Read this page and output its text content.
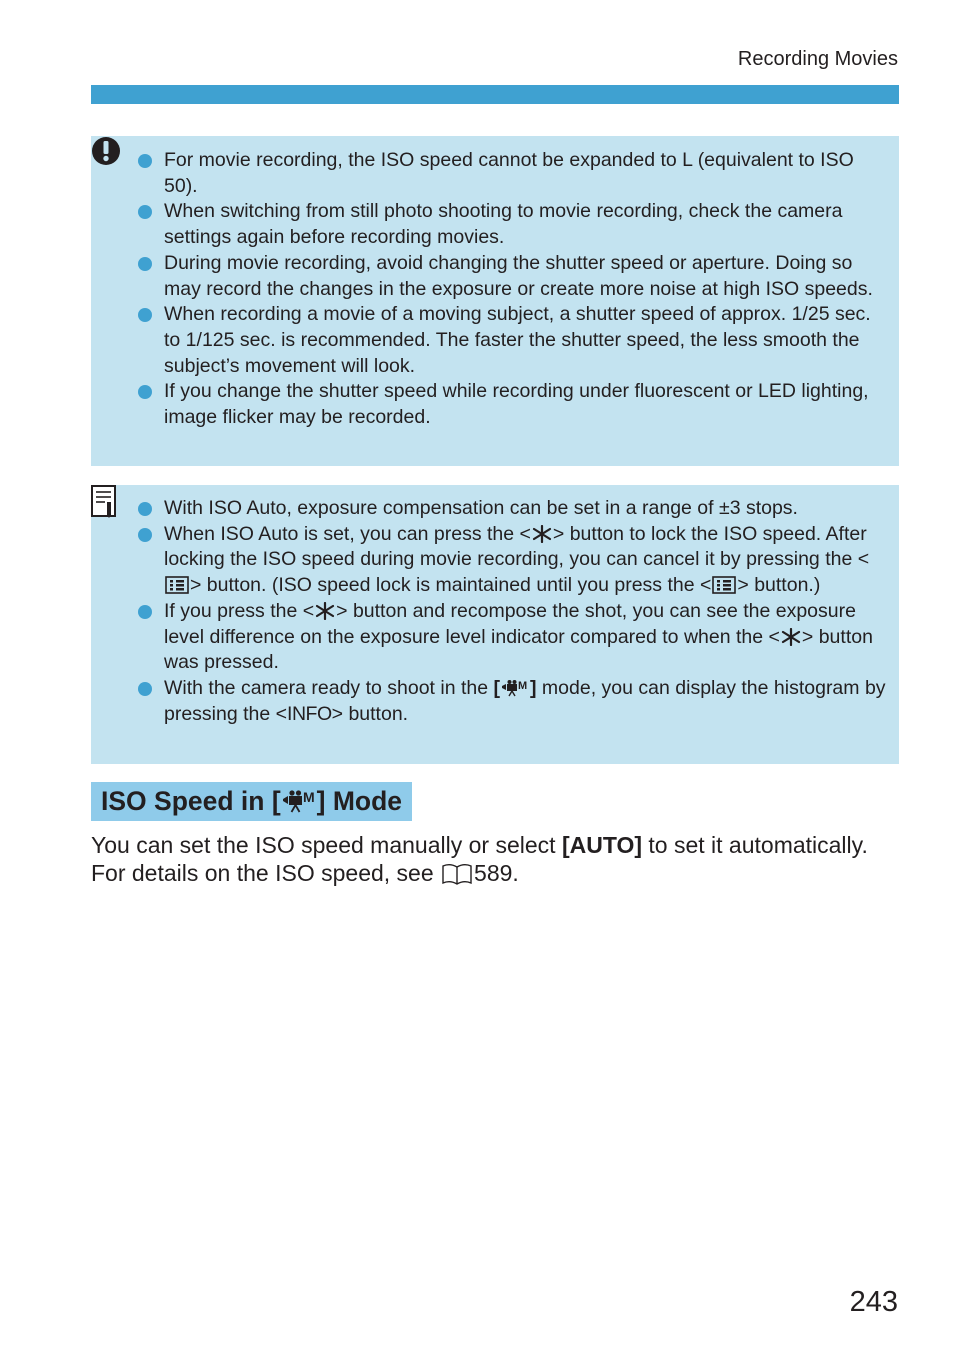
Recording Movies
For movie recording, the ISO speed cannot be expanded to L (equivalent to ISO 50).
When switching from still photo shooting to movie recording, check the camera settings again before recording movies.
During movie recording, avoid changing the shutter speed or aperture. Doing so may record the changes in the exposure or create more noise at high ISO speeds.
When recording a movie of a moving subject, a shutter speed of approx. 1/25 sec. to 1/125 sec. is recommended. The faster the shutter speed, the less smooth the subject’s movement will look.
If you change the shutter speed while recording under fluorescent or LED lighting, image flicker may be recorded.
With ISO Auto, exposure compensation can be set in a range of ±3 stops.
When ISO Auto is set, you can press the < > button to lock the ISO speed. After locking the ISO speed during movie recording, you can cancel it by pressing the <> button. (ISO speed lock is maintained until you press the < > button.)
If you press the < > button and recompose the shot, you can see the exposure level difference on the exposure level indicator compared to when the < > button was pressed.
With the camera ready to shoot in the [ M ] mode, you can display the histogram by pressing the <INFO> button.
ISO Speed in [ M ] Mode
You can set the ISO speed manually or select [AUTO] to set it automatically. For details on the ISO speed, see 589.
243
